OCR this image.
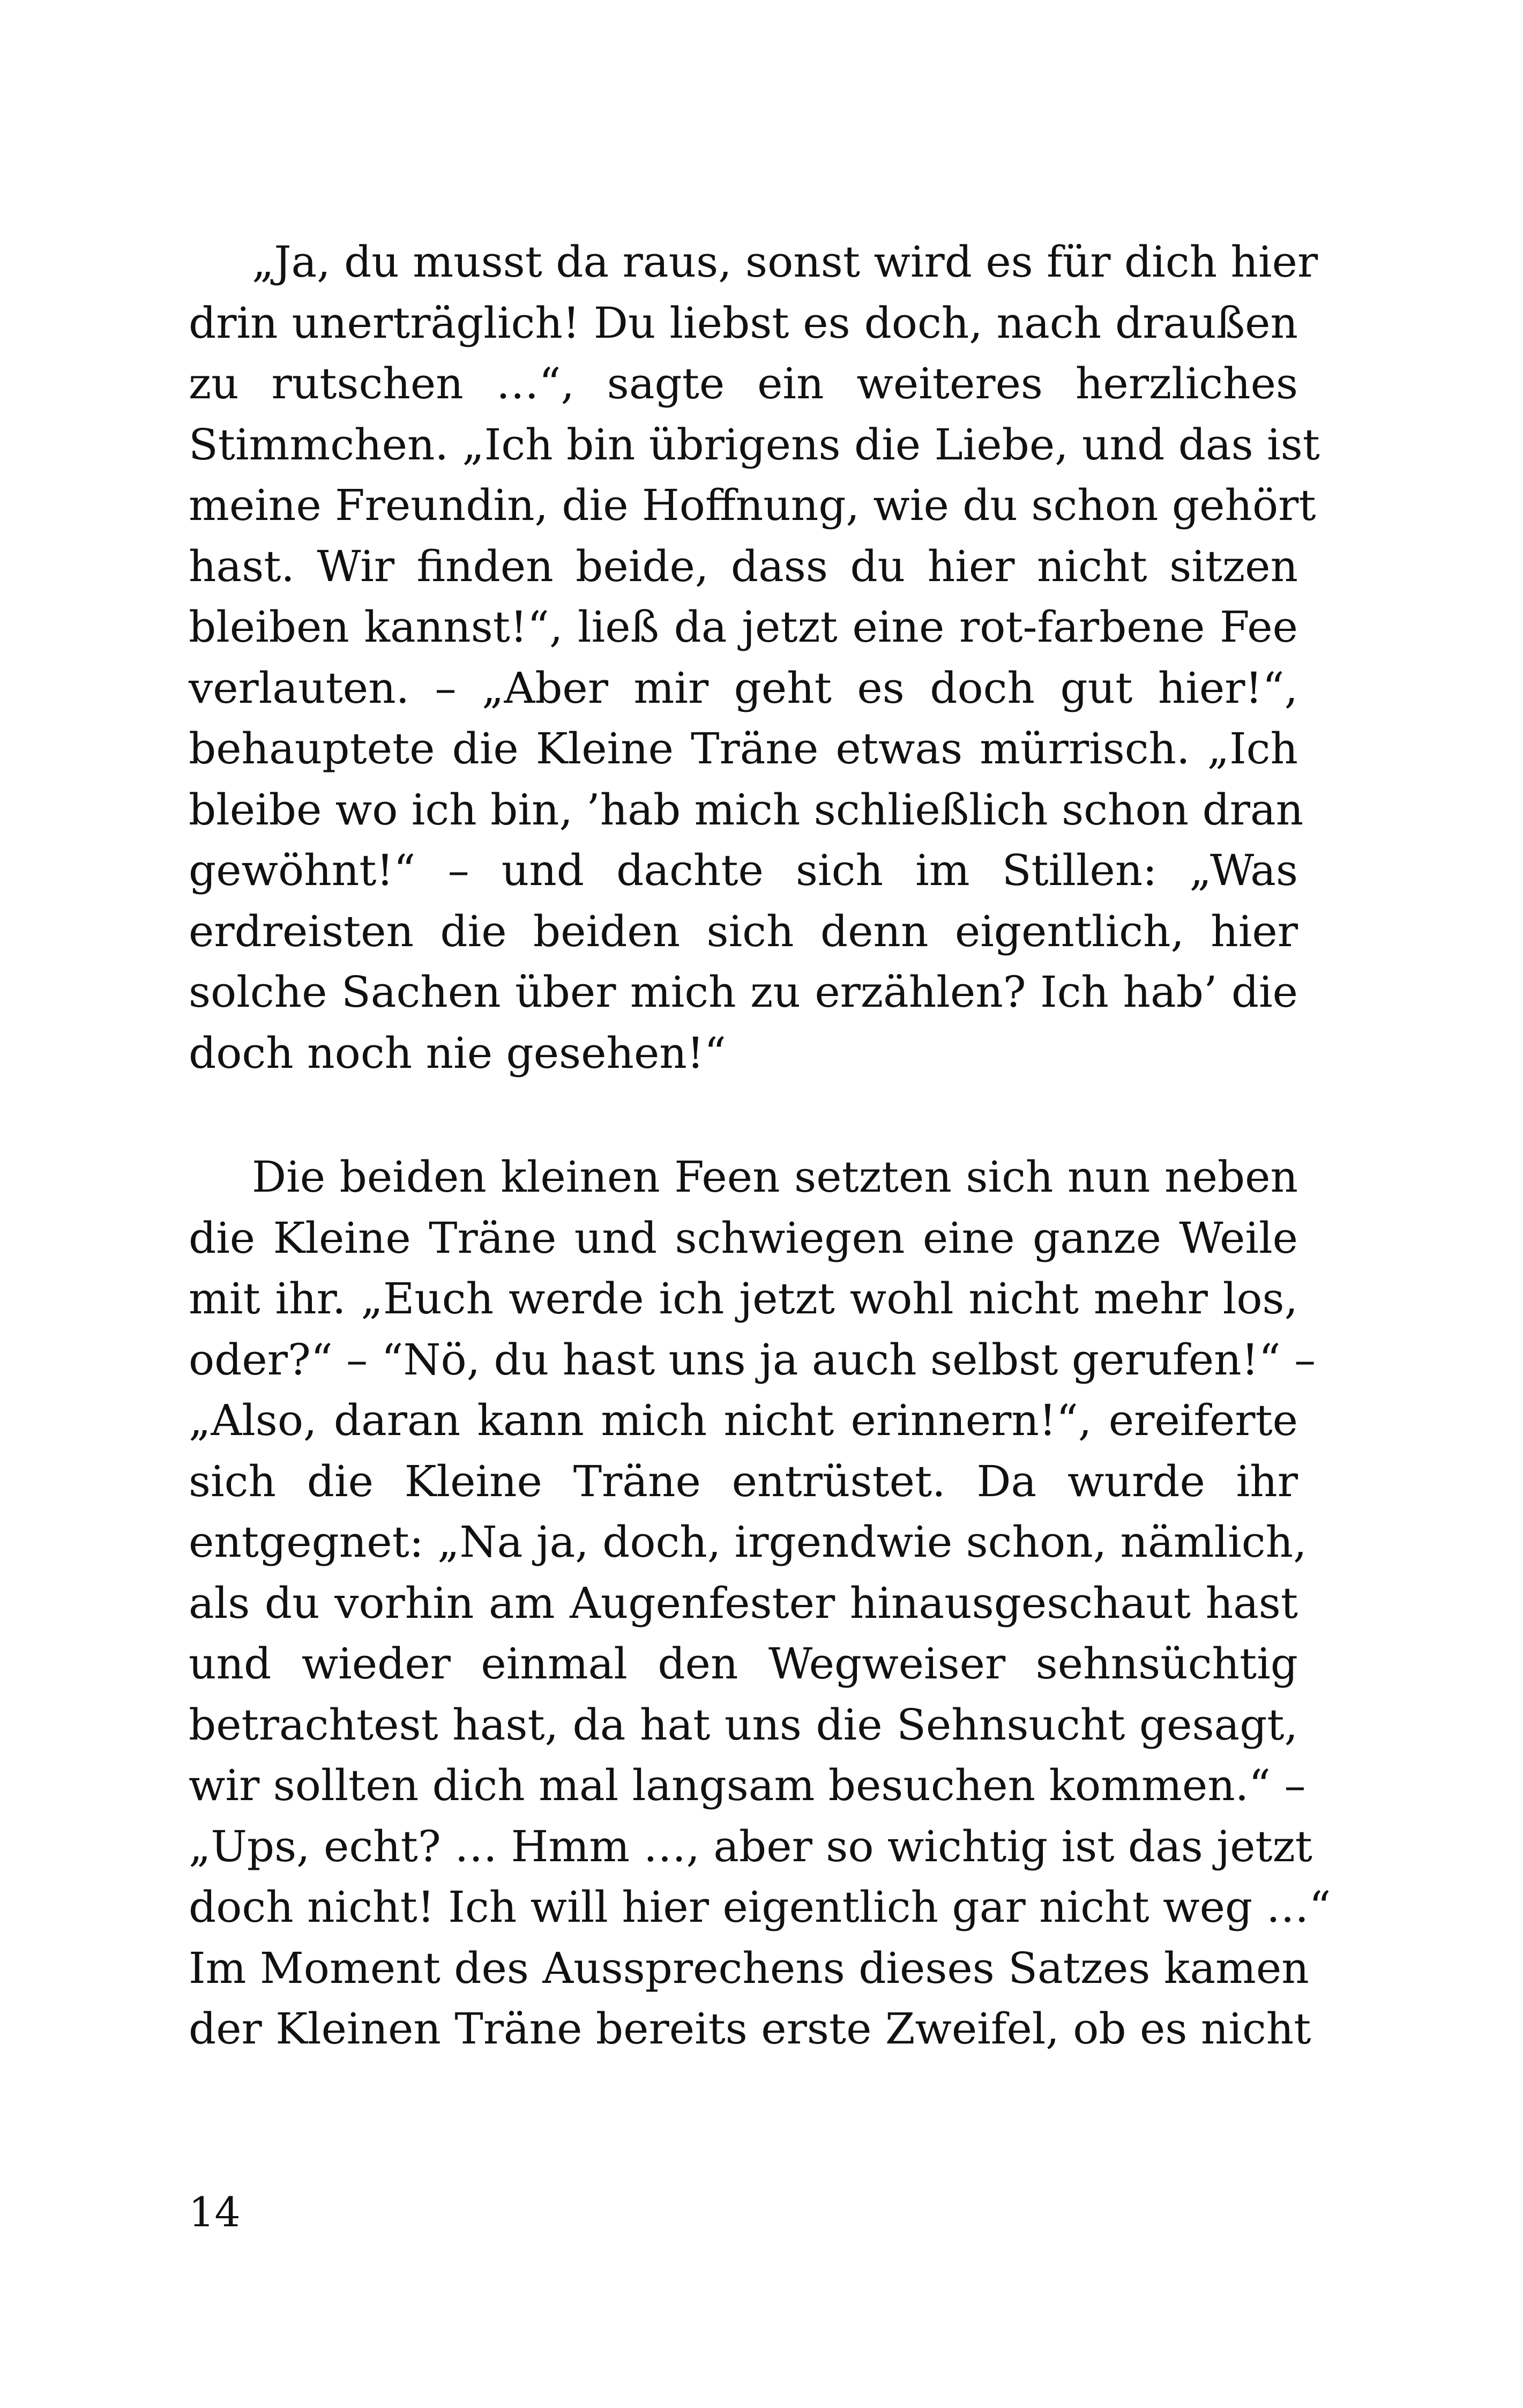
„Ja, du musst da raus, sonst wird es für dich hier
drin unerträglich! Du liebst es doch, nach draußen
zu rutschen …“, sagte ein weiteres herzliches
Stimmchen. „Ich bin übrigens die Liebe, und das ist
meine Freundin, die Hoffnung, wie du schon gehört
hast. Wir finden beide, dass du hier nicht sitzen
bleiben kannst!“, ließ da jetzt eine rot-farbene Fee
verlauten. – „Aber mir geht es doch gut hier!“,
behauptete die Kleine Träne etwas mürrisch. „Ich
bleibe wo ich bin, ’hab mich schließlich schon dran
gewöhnt!“ – und dachte sich im Stillen: „Was
erdreisten die beiden sich denn eigentlich, hier
solche Sachen über mich zu erzählen? Ich hab’ die
doch noch nie gesehen!“
Die beiden kleinen Feen setzten sich nun neben
die Kleine Träne und schwiegen eine ganze Weile
mit ihr. „Euch werde ich jetzt wohl nicht mehr los,
oder?“ – “Nö, du hast uns ja auch selbst gerufen!“ –
„Also, daran kann mich nicht erinnern!“, ereiferte
sich die Kleine Träne entrüstet. Da wurde ihr
entgegnet: „Na ja, doch, irgendwie schon, nämlich,
als du vorhin am Augenfester hinausgeschaut hast
und wieder einmal den Wegweiser sehnsüchtig
betrachtest hast, da hat uns die Sehnsucht gesagt,
wir sollten dich mal langsam besuchen kommen.“ –
„Ups, echt? … Hmm …, aber so wichtig ist das jetzt
doch nicht! Ich will hier eigentlich gar nicht weg …“
Im Moment des Aussprechens dieses Satzes kamen
der Kleinen Träne bereits erste Zweifel, ob es nicht
14
